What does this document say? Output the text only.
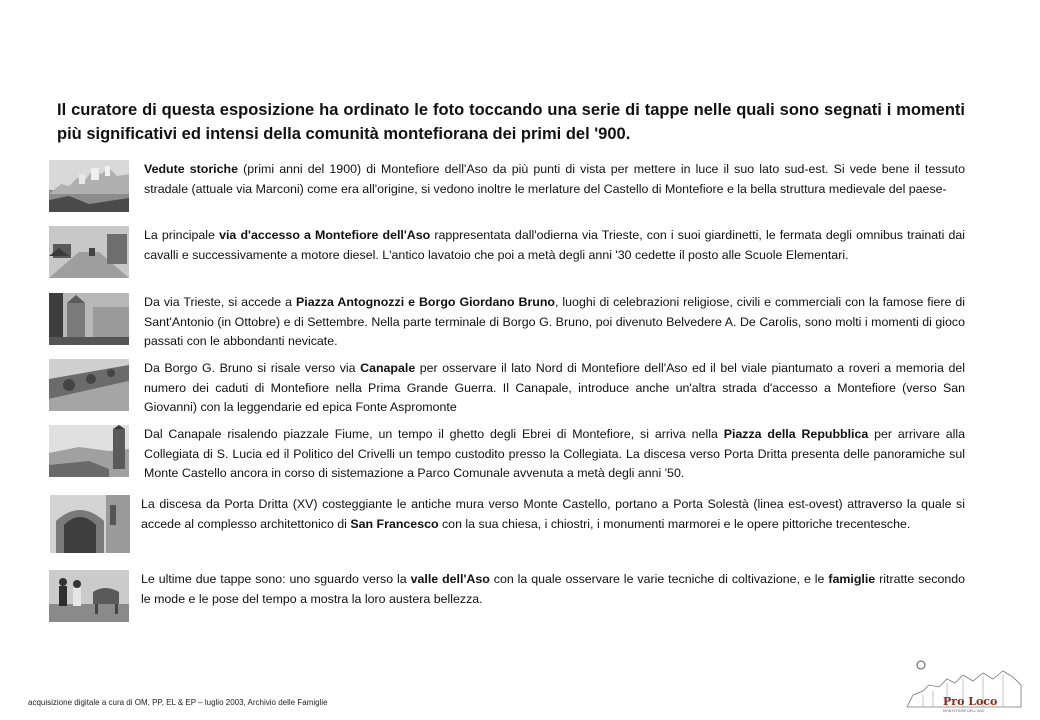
Il curatore di questa esposizione ha ordinato le foto toccando una serie di tappe nelle quali sono segnati i momenti più significativi ed intensi della comunità montefiorana dei primi del '900.

Vedute storiche (primi anni del 1900) di Montefiore dell'Aso da più punti di vista per mettere in luce il suo lato sud-est. Si vede bene il tessuto stradale (attuale via Marconi) come era all'origine, si vedono inoltre le merlature del Castello di Montefiore e la bella struttura medievale del paese-

La principale via d'accesso a Montefiore dell'Aso rappresentata dall'odierna via Trieste, con i suoi giardinetti, le fermata degli omnibus trainati dai cavalli e successivamente a motore diesel. L'antico lavatoio che poi a metà degli anni '30 cedette il posto alle Scuole Elementari.

Da via Trieste, si accede a Piazza Antognozzi e Borgo Giordano Bruno, luoghi di celebrazioni religiose, civili e commerciali con la famose fiere di Sant'Antonio (in Ottobre) e di Settembre. Nella parte terminale di Borgo G. Bruno, poi divenuto Belvedere A. De Carolis, sono molti i momenti di gioco passati con le abbondanti nevicate.

Da Borgo G. Bruno si risale verso via Canapale per osservare il lato Nord di Montefiore dell'Aso ed il bel viale piantumato a roveri a memoria del numero dei caduti di Montefiore nella Prima Grande Guerra. Il Canapale, introduce anche un'altra strada d'accesso a Montefiore (verso San Giovanni) con la leggendarie ed epica Fonte Aspromonte

Dal Canapale risalendo piazzale Fiume, un tempo il ghetto degli Ebrei di Montefiore, si arriva nella Piazza della Repubblica per arrivare alla Collegiata di S. Lucia ed il Politico del Crivelli un tempo custodito presso la Collegiata. La discesa verso Porta Dritta presenta delle panoramiche sul Monte Castello ancora in corso di sistemazione a Parco Comunale avvenuta a metà degli anni '50.

La discesa da Porta Dritta (XV) costeggiante le antiche mura verso Monte Castello, portano a Porta Solestà (linea est-ovest) attraverso la quale si accede al complesso architettonico di San Francesco con la sua chiesa, i chiostri, i monumenti marmorei e le opere pittoriche trecentesche.

Le ultime due tappe sono: uno sguardo verso la valle dell'Aso con la quale osservare le varie tecniche di coltivazione, e le famiglie ritratte secondo le mode e le pose del tempo a mostra la loro austera bellezza.

acquisizione digitale a cura di OM, PP, EL & EP – luglio 2003, Archivio delle Famiglie	Pro Loco
MONTEFIORE DELL'ASO
